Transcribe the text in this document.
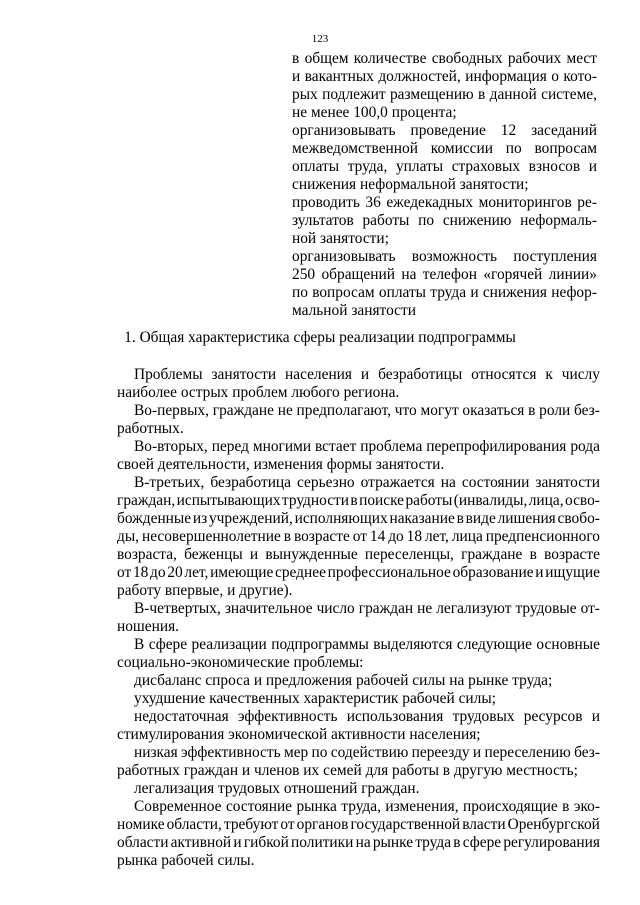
123
в общем количестве свободных рабочих мест
и вакантных должностей, информация о кото-
рых подлежит размещению в данной системе,
не менее 100,0 процента;
организовывать проведение 12 заседаний
межведомственной комиссии по вопросам
оплаты труда, уплаты страховых взносов и
снижения неформальной занятости;
проводить 36 ежедекадных мониторингов ре-
зультатов работы по снижению неформаль-
ной занятости;
организовывать возможность поступления
250 обращений на телефон «горячей линии»
по вопросам оплаты труда и снижения нефор-
мальной занятости
1. Общая характеристика сферы реализации подпрограммы
Проблемы занятости населения и безработицы относятся к числу
наиболее острых проблем любого региона.
Во-первых, граждане не предполагают, что могут оказаться в роли без-
работных.
Во-вторых, перед многими встает проблема перепрофилирования рода
своей деятельности, изменения формы занятости.
В-третьих, безработица серьезно отражается на состоянии занятости
граждан, испытывающих трудности в поиске работы (инвалиды, лица, осво-
божденные из учреждений, исполняющих наказание в виде лишения свобо-
ды, несовершеннолетние в возрасте от 14 до 18 лет, лица предпенсионного
возраста, беженцы и вынужденные переселенцы, граждане в возрасте
от 18 до 20 лет, имеющие среднее профессиональное образование и ищущие
работу впервые, и другие).
В-четвертых, значительное число граждан не легализуют трудовые от-
ношения.
В сфере реализации подпрограммы выделяются следующие основные
социально-экономические проблемы:
дисбаланс спроса и предложения рабочей силы на рынке труда;
ухудшение качественных характеристик рабочей силы;
недостаточная эффективность использования трудовых ресурсов и
стимулирования экономической активности населения;
низкая эффективность мер по содействию переезду и переселению без-
работных граждан и членов их семей для работы в другую местность;
легализация трудовых отношений граждан.
Современное состояние рынка труда, изменения, происходящие в эко-
номике области, требуют от органов государственной власти Оренбургской
области активной и гибкой политики на рынке труда в сфере регулирования
рынка рабочей силы.
